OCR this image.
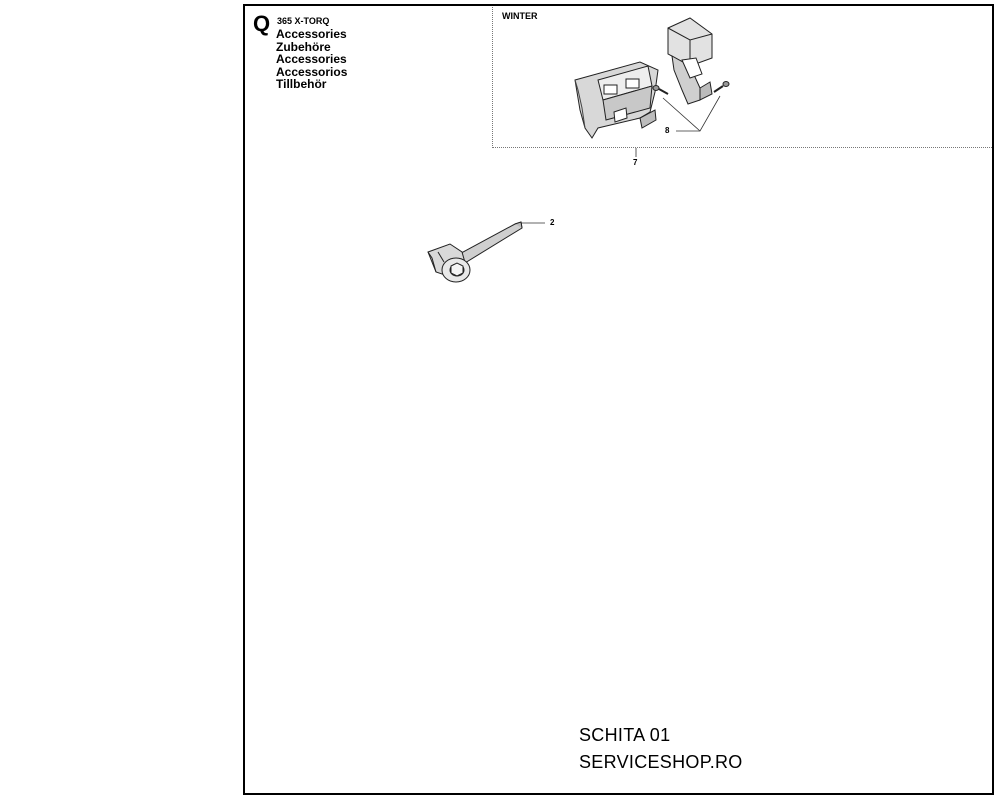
Q 365 X-TORQ
Accessories
Zubehöre
Accessories
Accessorios
Tillbehör
WINTER
8
7
2
SCHITA 01
SERVICESHOP.RO
